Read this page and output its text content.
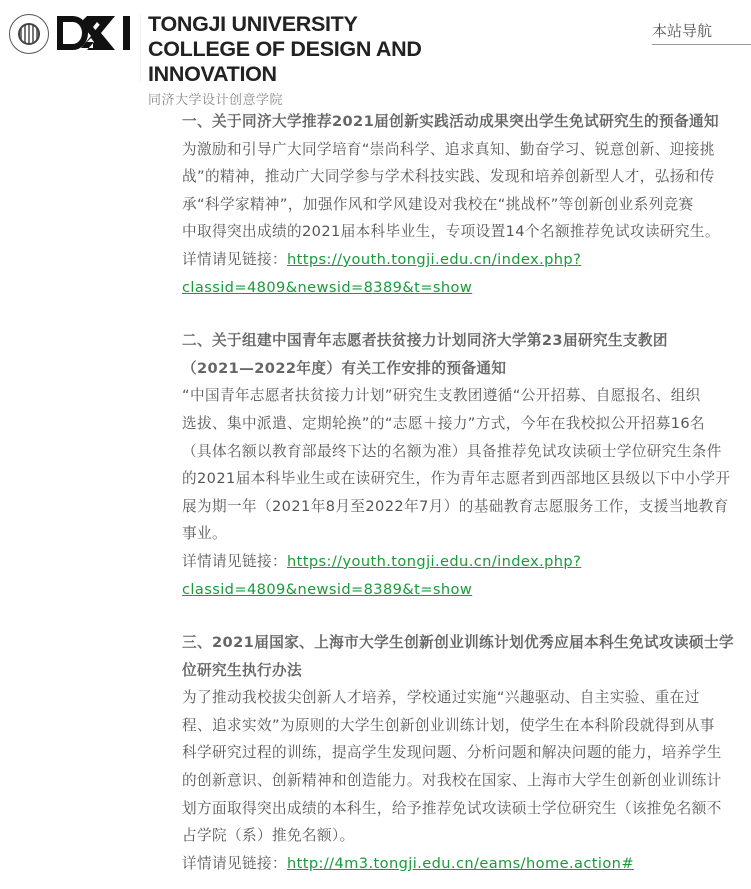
TONGJI UNIVERSITY
COLLEGE OF DESIGN AND
INNOVATION
同济大学设计创意学院
本站导航
一、关于同济大学推荐2021届创新实践活动成果突出学生免试研究生的预备通知
为激励和引导广大同学培育“崇尚科学、追求真知、勤奋学习、锐意创新、迎接挑
战”的精神，推动广大同学参与学术科技实践、发现和培养创新型人才，弘扬和传
承“科学家精神”，加强作风和学风建设对我校在“挑战杯”等创新创业系列竞赛
中取得突出成绩的2021届本科毕业生，专项设置14个名额推荐免试攻读研究生。
详情请见链接：https://youth.tongji.edu.cn/index.php?
classid=4809&newsid=8389&t=show
二、关于组建中国青年志愿者扶贫接力计划同济大学第23届研究生支教团
（2021—2022年度）有关工作安排的预备通知
“中国青年志愿者扶贫接力计划”研究生支教团遵循“公开招募、自愿报名、组织
选拔、集中派遣、定期轮换”的“志愿＋接力”方式，今年在我校拟公开招募16名
（具体名额以教育部最终下达的名额为准）具备推荐免试攻读硕士学位研究生条件
的2021届本科毕业生或在读研究生，作为青年志愿者到西部地区县级以下中小学开
展为期一年（2021年8月至2022年7月）的基础教育志愿服务工作，支援当地教育
事业。
详情请见链接：https://youth.tongji.edu.cn/index.php?
classid=4809&newsid=8389&t=show
三、2021届国家、上海市大学生创新创业训练计划优秀应届本科生免试攻读硕士学
位研究生执行办法
为了推动我校拔尖创新人才培养，学校通过实施“兴趣驱动、自主实验、重在过
程、追求实效”为原则的大学生创新创业训练计划，使学生在本科阶段就得到从事
科学研究过程的训练，提高学生发现问题、分析问题和解决问题的能力，培养学生
的创新意识、创新精神和创造能力。对我校在国家、上海市大学生创新创业训练计
划方面取得突出成绩的本科生，给予推荐免试攻读硕士学位研究生（该推免名额不
占学院（系）推免名额）。
详情请见链接：http://4m3.tongji.edu.cn/eams/home.action#
